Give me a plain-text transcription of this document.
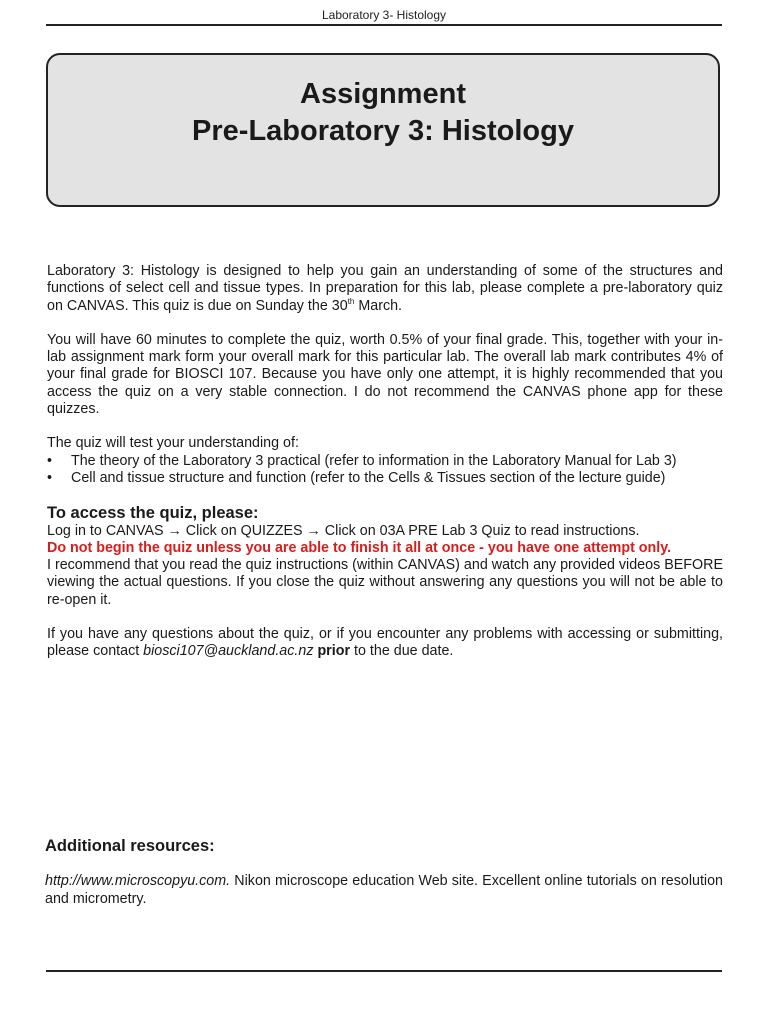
Laboratory 3- Histology
Assignment
Pre-Laboratory 3: Histology

Laboratory 3: Histology is designed to help you gain an understanding of some of the structures and functions of select cell and tissue types. In preparation for this lab, please complete a pre-laboratory quiz on CANVAS. This quiz is due on Sunday the 30th March.

You will have 60 minutes to complete the quiz, worth 0.5% of your final grade. This, together with your in-lab assignment mark form your overall mark for this particular lab. The overall lab mark contributes 4% of your final grade for BIOSCI 107. Because you have only one attempt, it is highly recommended that you access the quiz on a very stable connection. I do not recommend the CANVAS phone app for these quizzes.

The quiz will test your understanding of:

• The theory of the Laboratory 3 practical (refer to information in the Laboratory Manual for Lab 3)
• Cell and tissue structure and function (refer to the Cells & Tissues section of the lecture guide)

To access the quiz, please:

Log in to CANVAS → Click on QUIZZES → Click on 03A PRE Lab 3 Quiz to read instructions.

Do not begin the quiz unless you are able to finish it all at once - you have one attempt only.

I recommend that you read the quiz instructions (within CANVAS) and watch any provided videos BEFORE viewing the actual questions. If you close the quiz without answering any questions you will not be able to re-open it.

If you have any questions about the quiz, or if you encounter any problems with accessing or submitting, please contact biosci107@auckland.ac.nz prior to the due date.

Additional resources:

http://www.microscopyu.com. Nikon microscope education Web site. Excellent online tutorials on resolution and micrometry.
